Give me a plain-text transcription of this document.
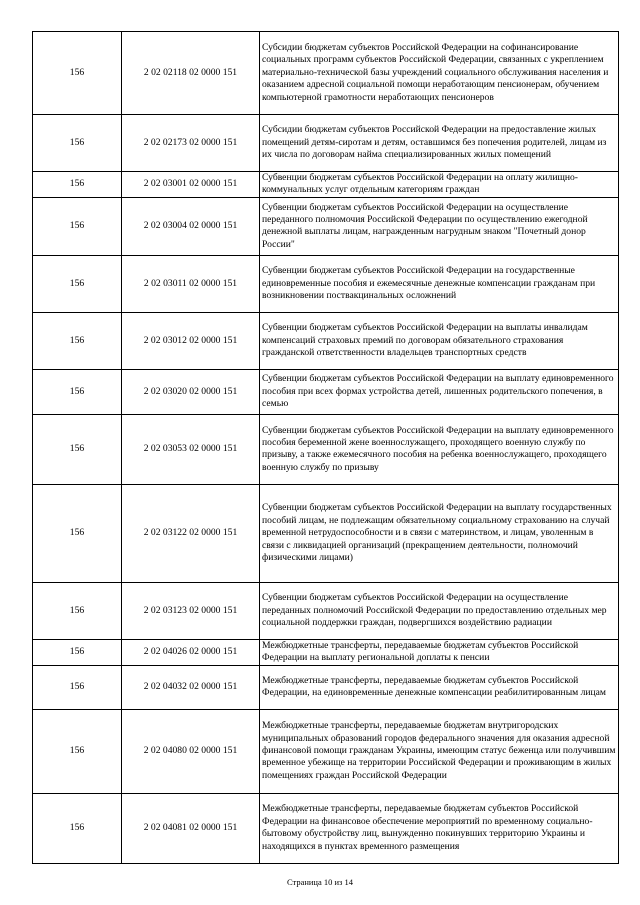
156	2 02 02118 02 0000 151	Субсидии бюджетам субъектов Российской Федерации на софинансирование социальных программ субъектов Российской Федерации, связанных с укреплением материально-технической базы учреждений социального обслуживания населения и оказанием адресной социальной помощи неработающим пенсионерам, обучением компьютерной грамотности неработающих пенсионеров
156	2 02 02173 02 0000 151	Субсидии бюджетам субъектов Российской Федерации на предоставление жилых помещений детям-сиротам и детям, оставшимся без попечения родителей, лицам из их числа по договорам найма специализированных жилых помещений
156	2 02 03001 02 0000 151	Субвенции бюджетам субъектов Российской Федерации на оплату жилищно-коммунальных услуг отдельным категориям граждан
156	2 02 03004 02 0000 151	Субвенции бюджетам субъектов Российской Федерации на осуществление переданного полномочия Российской Федерации по осуществлению ежегодной денежной выплаты лицам, награжденным нагрудным знаком "Почетный донор России"
156	2 02 03011 02 0000 151	Субвенции бюджетам субъектов Российской Федерации на государственные единовременные пособия и ежемесячные денежные компенсации гражданам при возникновении поствакцинальных осложнений
156	2 02 03012 02 0000 151	Субвенции бюджетам субъектов Российской Федерации на выплаты инвалидам компенсаций страховых премий по договорам обязательного страхования гражданской ответственности владельцев транспортных средств
156	2 02 03020 02 0000 151	Субвенции бюджетам субъектов Российской Федерации на выплату единовременного пособия при всех формах устройства детей, лишенных родительского попечения, в семью
156	2 02 03053 02 0000 151	Субвенции бюджетам субъектов Российской Федерации на выплату единовременного пособия беременной жене военнослужащего, проходящего военную службу по призыву, а также ежемесячного пособия на ребенка военнослужащего, проходящего военную службу по призыву
156	2 02 03122 02 0000 151	Субвенции бюджетам субъектов Российской Федерации на выплату государственных пособий лицам, не подлежащим обязательному социальному страхованию на случай временной нетрудоспособности и в связи с материнством, и лицам, уволенным в связи с ликвидацией организаций (прекращением деятельности, полномочий физическими лицами)
156	2 02 03123 02 0000 151	Субвенции бюджетам субъектов Российской Федерации на осуществление переданных полномочий Российской Федерации по предоставлению отдельных мер социальной поддержки граждан, подвергшихся воздействию радиации
156	2 02 04026 02 0000 151	Межбюджетные трансферты, передаваемые бюджетам субъектов Российской Федерации на выплату региональной доплаты к пенсии
156	2 02 04032 02 0000 151	Межбюджетные трансферты, передаваемые бюджетам субъектов Российской Федерации, на единовременные денежные компенсации реабилитированным лицам
156	2 02 04080 02 0000 151	Межбюджетные трансферты, передаваемые бюджетам внутригородских муниципальных образований городов федерального значения для оказания адресной финансовой помощи гражданам Украины, имеющим статус беженца или получившим временное убежище на территории Российской Федерации и проживающим в жилых помещениях граждан Российской Федерации
156	2 02 04081 02 0000 151	Межбюджетные трансферты, передаваемые бюджетам субъектов Российской Федерации на финансовое обеспечение мероприятий по временному социально-бытовому обустройству лиц, вынужденно покинувших территорию Украины и находящихся в пунктах временного размещения
Страница 10 из 14
